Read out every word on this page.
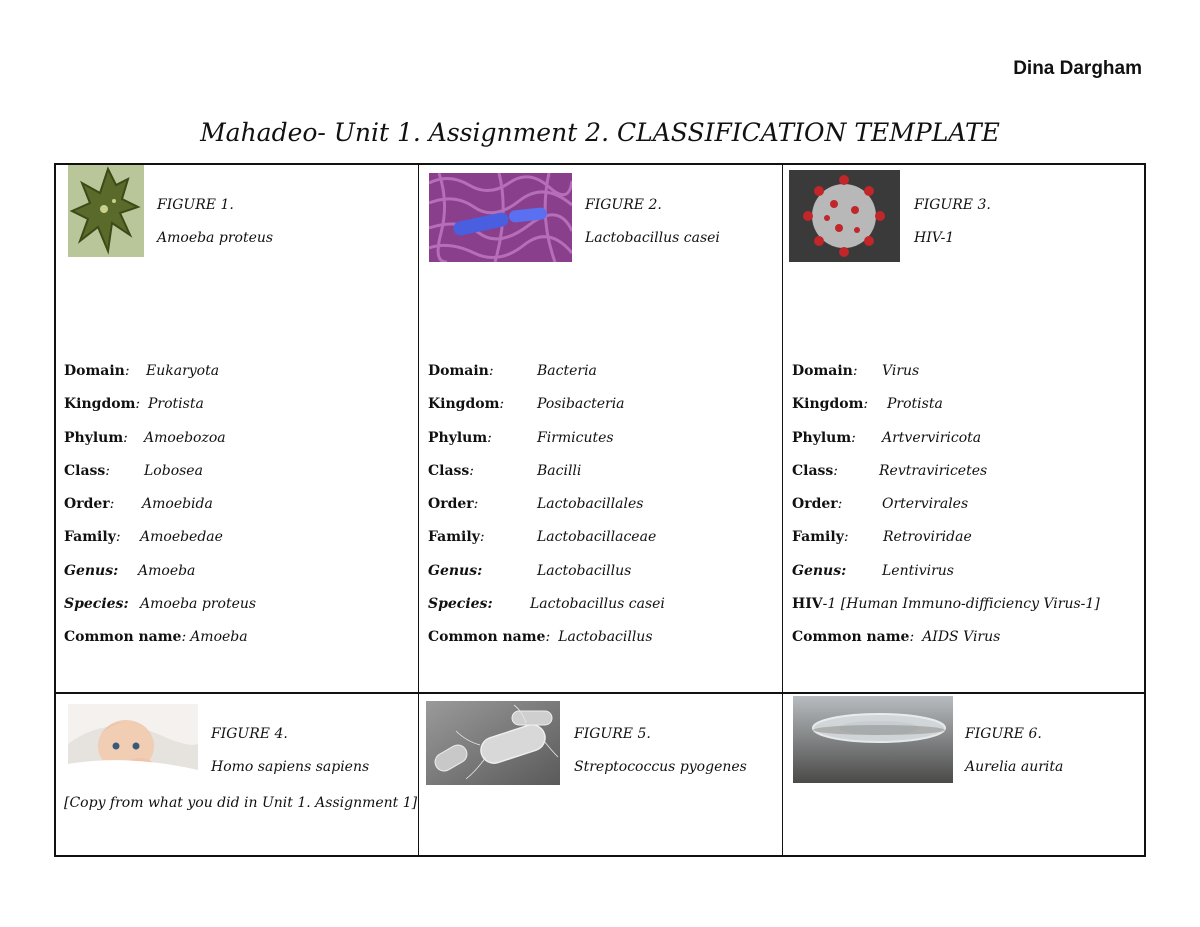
Dina Dargham
Mahadeo- Unit 1. Assignment 2. CLASSIFICATION TEMPLATE
FIGURE 1.
Amoeba proteus
Domain: Eukaryota
Kingdom: Protista
Phylum: Amoebozoa
Class: Lobosea
Order: Amoebida
Family: Amoebedae
Genus: Amoeba
Species: Amoeba proteus
Common name: Amoeba
FIGURE 2.
Lactobacillus casei
Domain:	Bacteria
Kingdom: Posibacteria
Phylum:	Firmicutes
Class:	Bacilli
Order:	Lactobacillales
Family:	Lactobacillaceae
Genus:	Lactobacillus
Species:	Lactobacillus casei
Common name: Lactobacillus
FIGURE 3.
HIV-1
Domain: Virus
Kingdom: Protista
Phylum: Artverviricota
Class:	Revtraviricetes
Order:	Ortervirales
Family: Retroviridae
Genus:	Lentivirus
HIV-1 [Human Immuno-difficiency Virus-1]
Common name: AIDS Virus
FIGURE 4.
Homo sapiens sapiens
[Copy from what you did in Unit 1. Assignment 1]
FIGURE 5.
Streptococcus pyogenes
FIGURE 6.
Aurelia aurita
